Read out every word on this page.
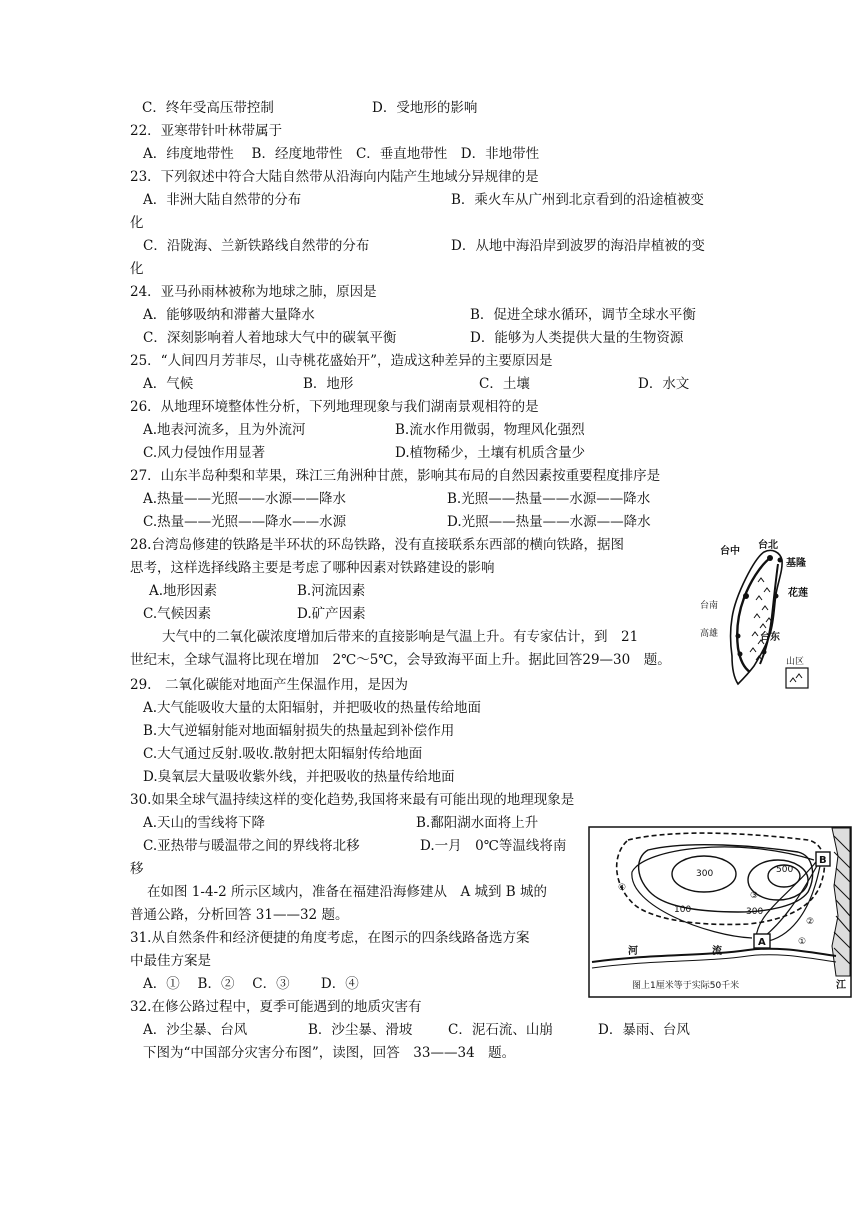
C．终年受高压带控制	D．受地形的影响
22．亚寒带针叶林带属于
A．纬度地带性　 B．经度地带性　C．垂直地带性　D．非地带性
23．下列叙述中符合大陆自然带从沿海向内陆产生地域分异规律的是
A．非洲大陆自然带的分布	B．乘火车从广州到北京看到的沿途植被变
化
C．沿陇海、兰新铁路线自然带的分布	D．从地中海沿岸到波罗的海沿岸植被的变
化
24．亚马孙雨林被称为地球之肺，原因是
A．能够吸纳和滞蓄大量降水	B．促进全球水循环，调节全球水平衡
C．深刻影响着人着地球大气中的碳氧平衡	D．能够为人类提供大量的生物资源
25．“人间四月芳菲尽，山寺桃花盛始开”，造成这种差异的主要原因是
A．气候	B．地形	C．土壤	D．水文
26．从地理环境整体性分析，下列地理现象与我们湖南景观相符的是
A.地表河流多，且为外流河	B.流水作用微弱，物理风化强烈
C.风力侵蚀作用显著	D.植物稀少，土壤有机质含量少
27．山东半岛种梨和苹果，珠江三角洲种甘蔗，影响其布局的自然因素按重要程度排序是
A.热量——光照——水源——降水	B.光照——热量——水源——降水
C.热量——光照——降水——水源	D.光照——热量——水源——降水
28.台湾岛修建的铁路是半环状的环岛铁路，没有直接联系东西部的横向铁路，据图
思考，这样选择线路主要是考虑了哪种因素对铁路建设的影响
A.地形因素	B.河流因素
C.气候因素	D.矿产因素
大气中的二氧化碳浓度增加后带来的直接影响是气温上升。有专家估计，到　21
世纪末，全球气温将比现在增加　2℃～5℃，会导致海平面上升。据此回答29—30　题。
29.　二氧化碳能对地面产生保温作用，是因为
A.大气能吸收大量的太阳辐射，并把吸收的热量传给地面
B.大气逆辐射能对地面辐射损失的热量起到补偿作用
C.大气通过反射.吸收.散射把太阳辐射传给地面
D.臭氧层大量吸收紫外线，并把吸收的热量传给地面
30.如果全球气温持续这样的变化趋势,我国将来最有可能出现的地理现象是
A.天山的雪线将下降	B.鄱阳湖水面将上升
C.亚热带与暖温带之间的界线将北移	D.一月　0℃等温线将南
移
在如图 1-4-2 所示区域内，准备在福建沿海修建从　A 城到 B 城的
普通公路，分析回答 31——32 题。
31.从自然条件和经济便捷的角度考虑，在图示的四条线路备选方案
中最佳方案是
A．①　 B．②　 C．③　　 D．④
32.在修公路过程中，夏季可能遇到的地质灾害有
A．沙尘暴、台风	B．沙尘暴、滑坡	C．泥石流、山崩	D．暴雨、台风
下图为“中国部分灾害分布图”，读图，回答　33——34　题。
台北
基隆
台中
花莲
台南
高雄	台东
山区
300	500
100	300
①
②
③
④
A
B
河	流
江
图上1厘米等于实际50千米
